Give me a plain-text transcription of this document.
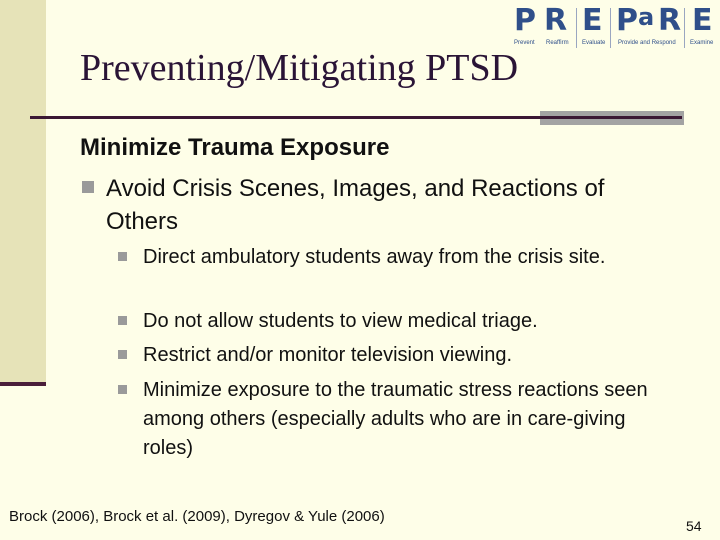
P R E P a R E
Prevent Reaffirm Evaluate Provide and Respond Examine
Preventing/Mitigating PTSD
Minimize Trauma Exposure
Avoid Crisis Scenes, Images, and Reactions of Others
Direct ambulatory students away from the crisis site.
Do not allow students to view medical triage.
Restrict and/or monitor television viewing.
Minimize exposure to the traumatic stress reactions seen among others (especially adults who are in care-giving roles)
Brock (2006), Brock et al. (2009), Dyregov & Yule (2006)
54
